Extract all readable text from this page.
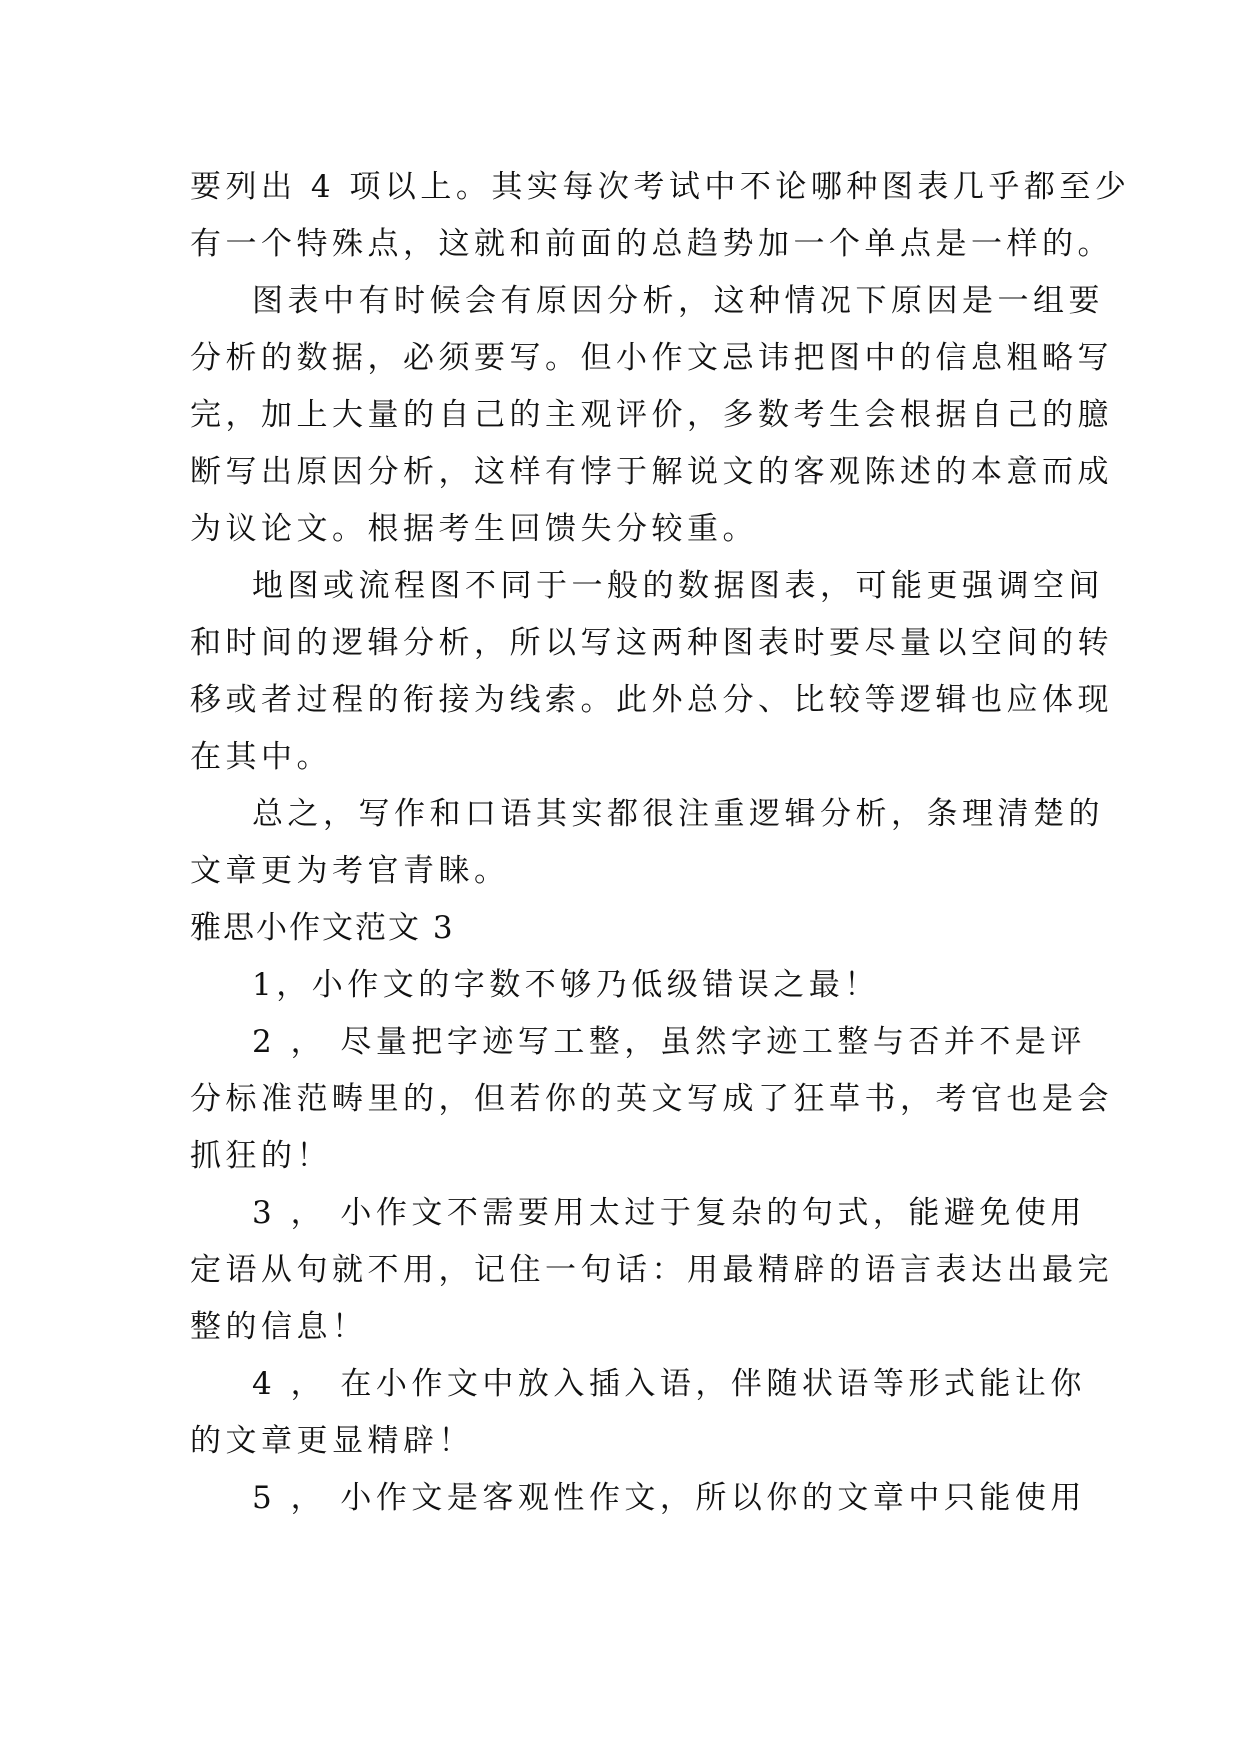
要列出 4 项以上。其实每次考试中不论哪种图表几乎都至少
有一个特殊点，这就和前面的总趋势加一个单点是一样的。
图表中有时候会有原因分析，这种情况下原因是一组要
分析的数据，必须要写。但小作文忌讳把图中的信息粗略写
完，加上大量的自己的主观评价，多数考生会根据自己的臆
断写出原因分析，这样有悖于解说文的客观陈述的本意而成
为议论文。根据考生回馈失分较重。
地图或流程图不同于一般的数据图表，可能更强调空间
和时间的逻辑分析，所以写这两种图表时要尽量以空间的转
移或者过程的衔接为线索。此外总分、比较等逻辑也应体现
在其中。
总之，写作和口语其实都很注重逻辑分析，条理清楚的
文章更为考官青睐。
雅思小作文范文 3
1，小作文的字数不够乃低级错误之最！
2 ， 尽量把字迹写工整，虽然字迹工整与否并不是评
分标准范畴里的，但若你的英文写成了狂草书，考官也是会
抓狂的！
3 ， 小作文不需要用太过于复杂的句式，能避免使用
定语从句就不用，记住一句话：用最精辟的语言表达出最完
整的信息！
4 ， 在小作文中放入插入语，伴随状语等形式能让你
的文章更显精辟！
5 ， 小作文是客观性作文，所以你的文章中只能使用
